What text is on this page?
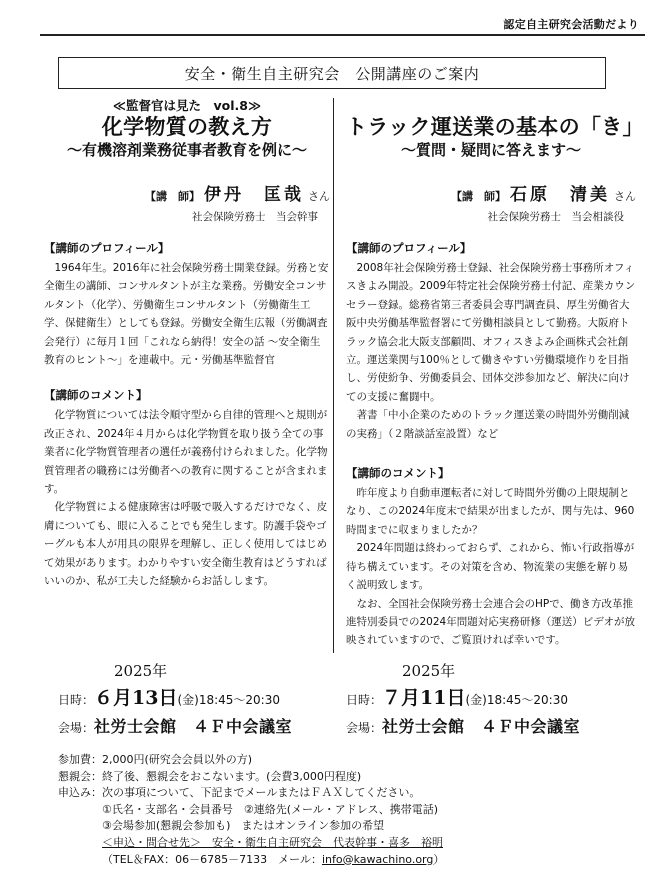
認定自主研究会活動だより
安全・衛生自主研究会　公開講座のご案内
≪監督官は見た　vol.8≫
化学物質の教え方
～有機溶剤業務従事者教育を例に～
【講　師】 伊丹　匡哉 さん
社会保険労務士　当会幹事
【講師のプロフィール】

1964年生。2016年に社会保険労務士開業登録。労務と安全衛生の講師、コンサルタントが主な業務。労働安全コンサルタント（化学）、労働衛生コンサルタント（労働衛生工学、保健衛生）としても登録。労働安全衛生広報（労働調査会発行）に毎月１回「これなら納得！安全の話 ～安全衛生教育のヒント～」を連載中。元・労働基準監督官

【講師のコメント】

化学物質については法令順守型から自律的管理へと規則が改正され、2024年４月からは化学物質を取り扱う全ての事業者に化学物質管理者の選任が義務付けられました。化学物質管理者の職務には労働者への教育に関することが含まれます。

化学物質による健康障害は呼吸で吸入するだけでなく、皮膚についても、眼に入ることでも発生します。防護手袋やゴーグルも本人が用具の限界を理解し、正しく使用してはじめて効果があります。わかりやすい安全衛生教育はどうすればいいのか、私が工夫した経験からお話しします。

トラック運送業の基本の「き」
～質問・疑問に答えます～
【講　師】 石原　清美 さん
社会保険労務士　当会相談役
【講師のプロフィール】

2008年社会保険労務士登録、社会保険労務士事務所オフィスきよみ開設。2009年特定社会保険労務士付記、産業カウンセラー登録。総務省第三者委員会専門調査員、厚生労働省大阪中央労働基準監督署にて労働相談員として勤務。大阪府トラック協会北大阪支部顧問、オフィスきよみ企画株式会社創立。運送業関与100％として働きやすい労働環境作りを目指し、労使紛争、労働委員会、団体交渉参加など、解決に向けての支援に奮闘中。

著書「中小企業のためのトラック運送業の時間外労働削減の実務」（２階談話室設置）など

【講師のコメント】

昨年度より自動車運転者に対して時間外労働の上限規制となり、この2024年度末で結果が出ましたが、関与先は、960時間までに収まりましたか？

2024年問題は終わっておらず、これから、怖い行政指導が待ち構えています。その対策を含め、物流業の実態を解り易く説明致します。

なお、全国社会保険労務士会連合会のHPで、働き方改革推進特別委員での2024年問題対応実務研修（運送）ビデオが放映されていますので、ご覧頂ければ幸いです。

2025年
日時：６月13日(金)18:45～20:30
会場：社労士会館　４Ｆ中会議室
2025年
日時：７月11日(金)18:45～20:30
会場：社労士会館　４Ｆ中会議室
参加費：2,000円(研究会会員以外の方)
懇親会：終了後、懇親会をおこないます。(会費3,000円程度)
申込み：次の事項について、下記までメールまたはＦＡＸしてください。
①氏名・支部名・会員番号　②連絡先(メール・アドレス、携帯電話)
③会場参加(懇親会参加も)　またはオンライン参加の希望
＜申込・問合せ先＞　安全・衛生自主研究会　代表幹事・喜多　裕明
（TEL＆FAX：06－6785－7133　メール：info@kawachino.org）
